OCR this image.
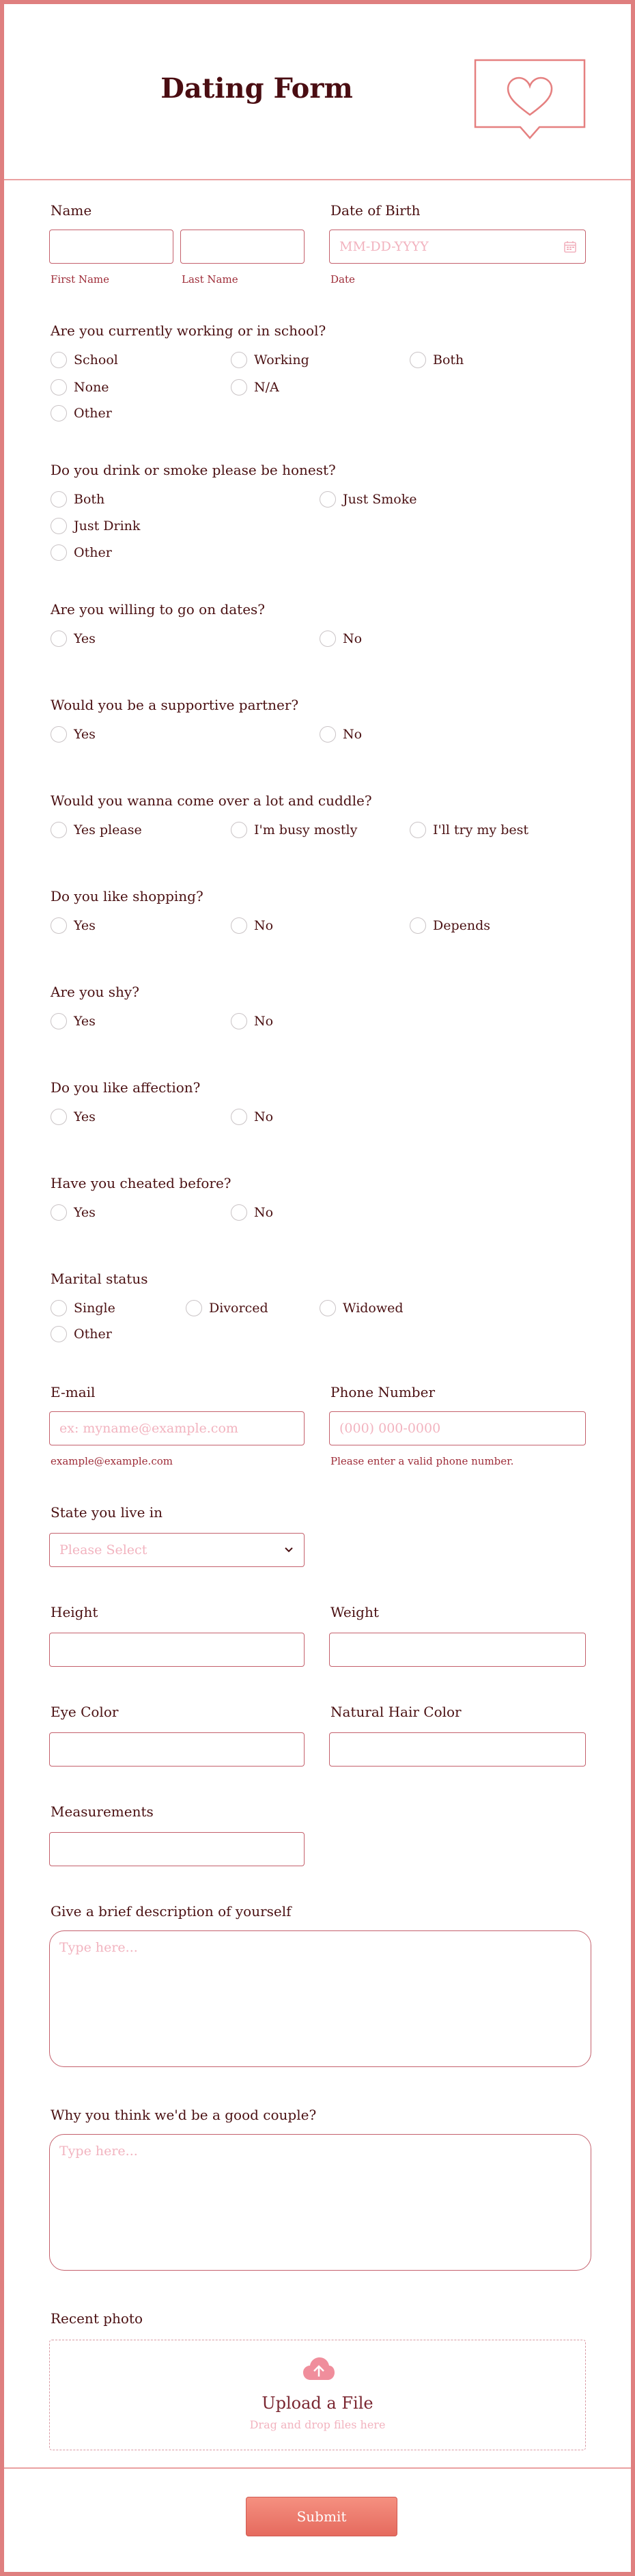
Dating Form
Name
First Name	Last Name
Date of Birth
MM-DD-YYYY
Date
Are you currently working or in school?
School	Working	Both
None	N/A
Other
Do you drink or smoke please be honest?
Both	Just Smoke
Just Drink
Other
Are you willing to go on dates?
Yes	No
Would you be a supportive partner?
Yes	No
Would you wanna come over a lot and cuddle?
Yes please	I'm busy mostly	I'll try my best
Do you like shopping?
Yes	No	Depends
Are you shy?
Yes	No
Do you like affection?
Yes	No
Have you cheated before?
Yes	No
Marital status
Single	Divorced	Widowed
Other
E-mail
ex: myname@example.com
example@example.com
Phone Number
(000) 000-0000
Please enter a valid phone number.
State you live in
Please Select
Height	Weight
Eye Color	Natural Hair Color
Measurements
Give a brief description of yourself
Type here...
Why you think we'd be a good couple?
Type here...
Recent photo
Upload a File
Drag and drop files here
Submit
